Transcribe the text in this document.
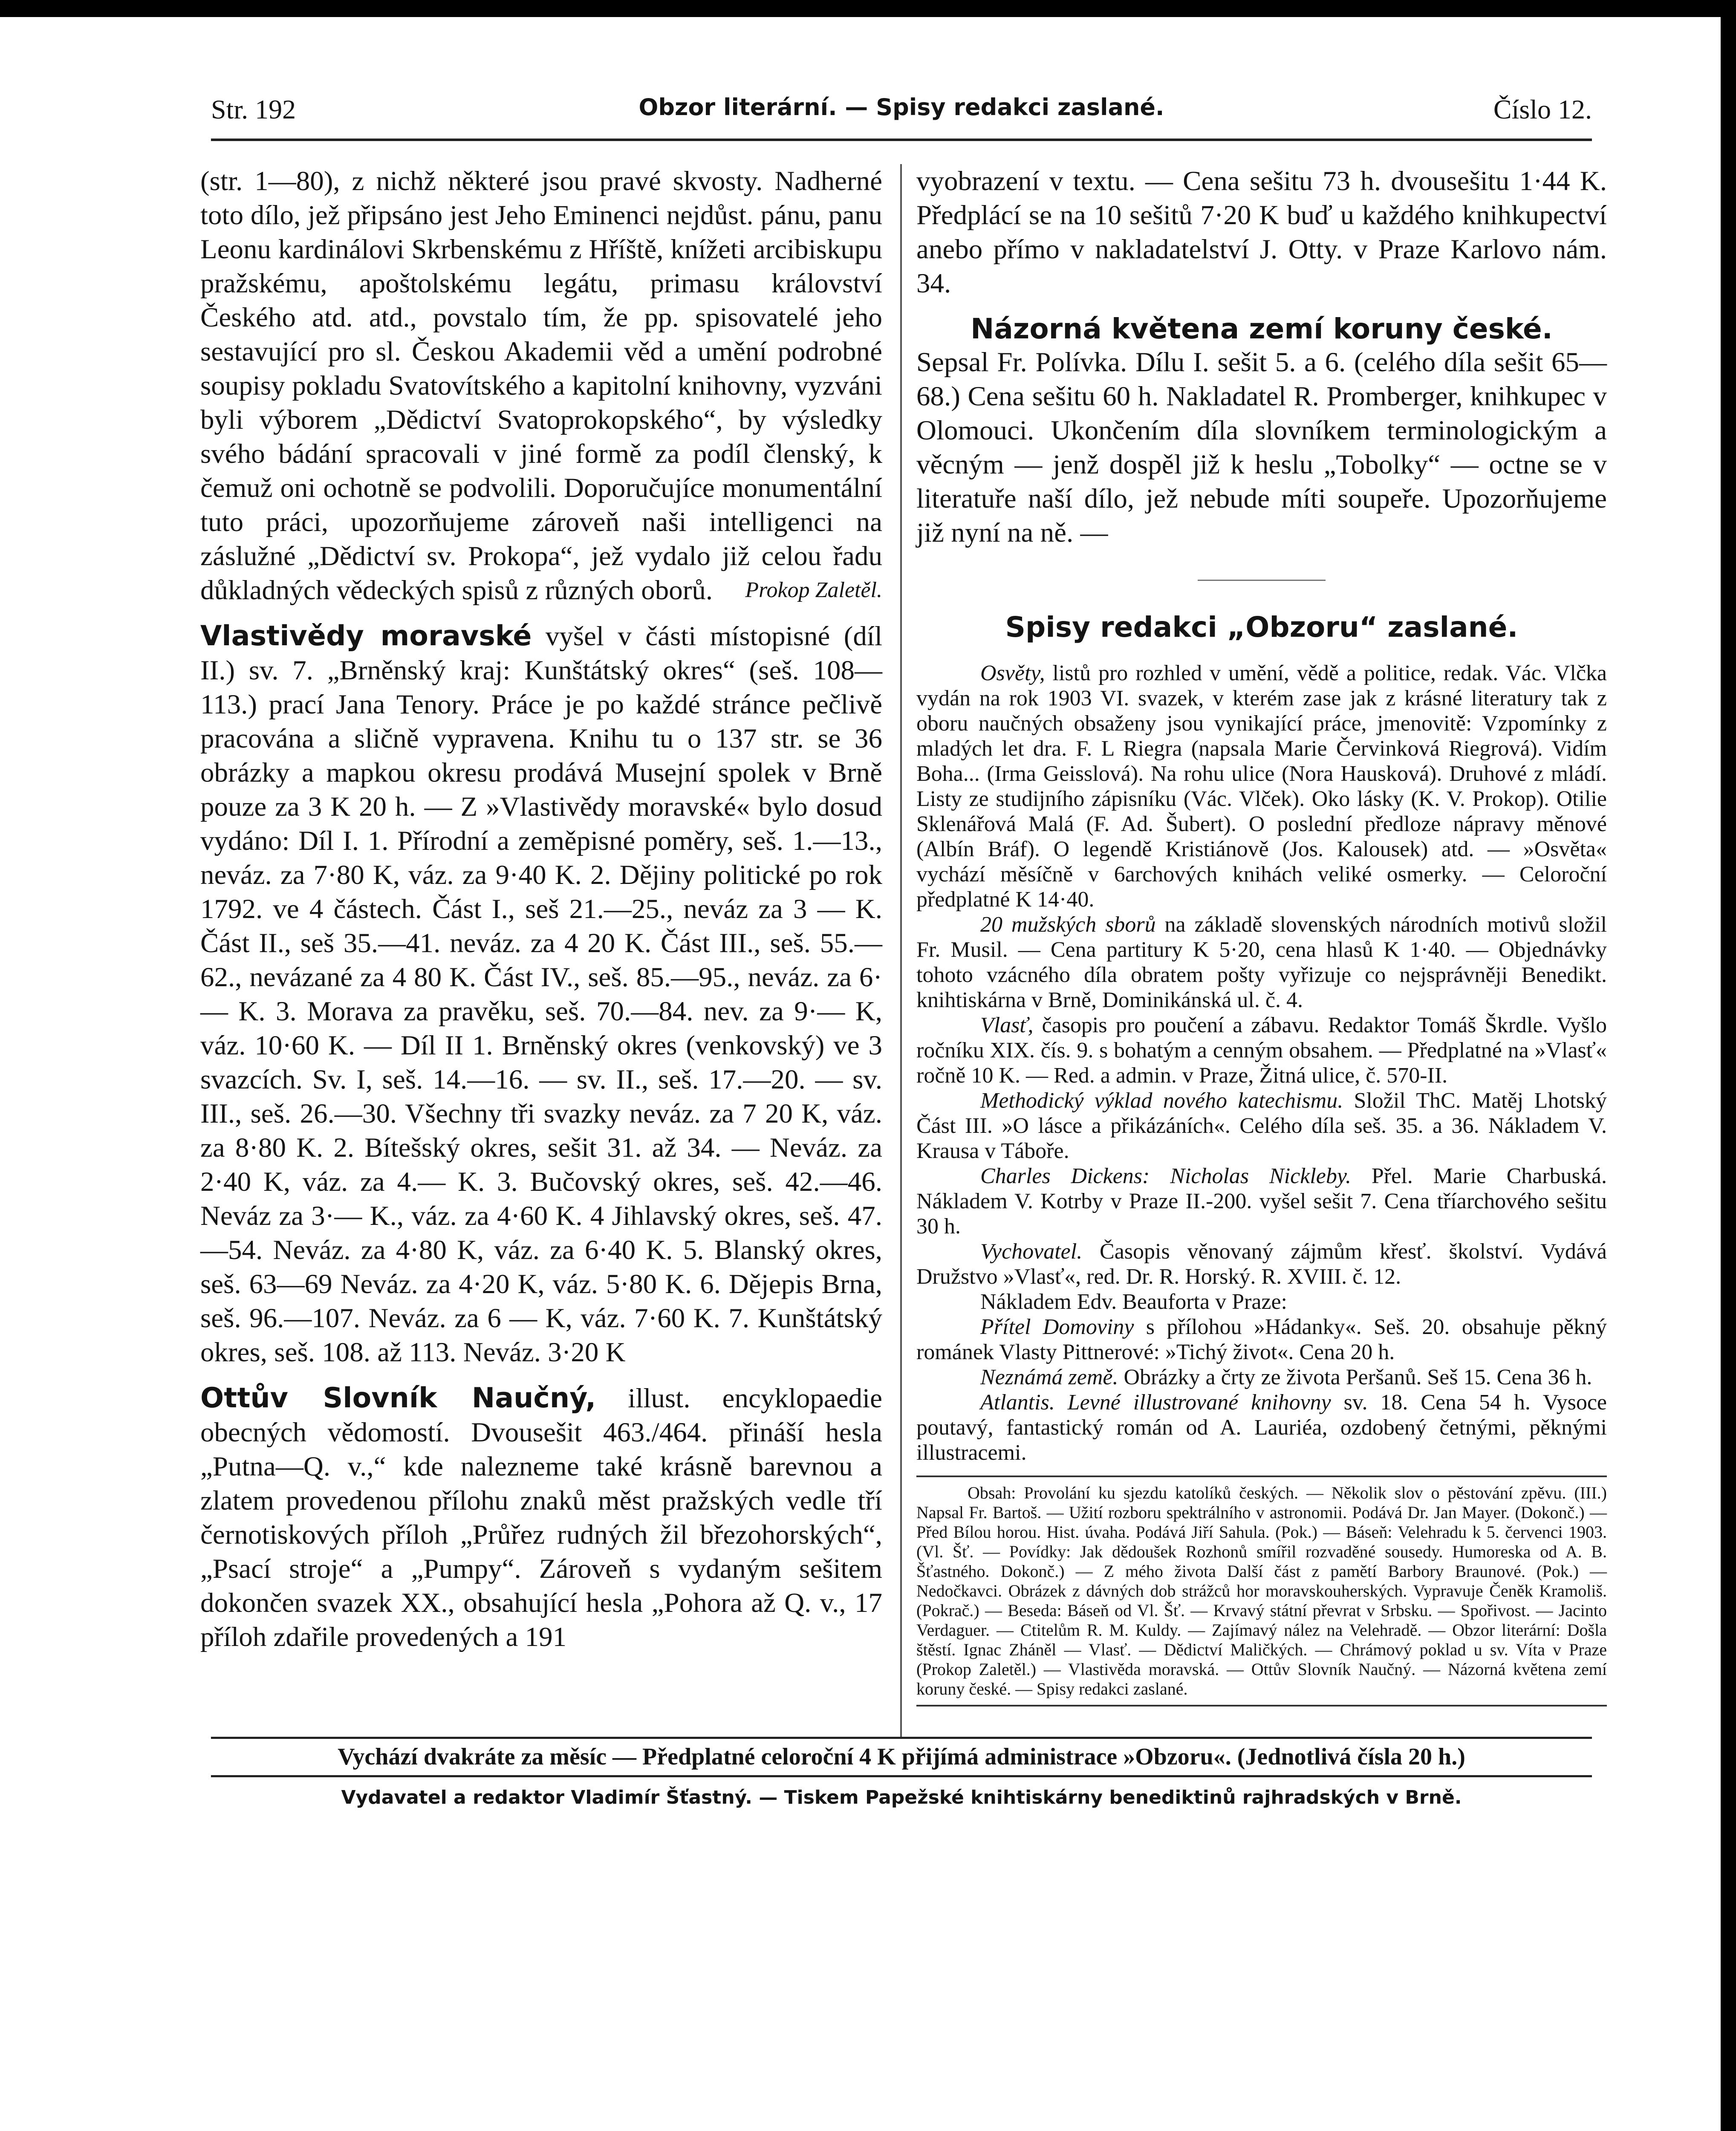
Str. 192	Obzor literární. — Spisy redakci zaslané.	Číslo 12.

(str. 1—80), z nichž některé jsou pravé skvosty. Nadherné toto dílo, jež připsáno jest Jeho Eminenci nejdůst. pánu, panu Leonu kardinálovi Skrbenskému z Hříště, knížeti arcibiskupu pražskému, apoštolskému legátu, primasu království Českého atd. atd., povstalo tím, že pp. spisovatelé jeho sestavující pro sl. Českou Akademii věd a umění podrobné soupisy pokladu Svatovítského a kapitolní knihovny, vyzváni byli výborem „Dědictví Svatoprokopského“, by výsledky svého bádání spracovali v jiné formě za podíl členský, k čemuž oni ochotně se podvolili. Doporučujíce monumentální tuto práci, upozorňujeme zároveň naši intelligenci na záslužné „Dědictví sv. Prokopa“, jež vydalo již celou řadu důkladných vědeckých spisů z různých oborů. Prokop Zaletěl.

Vlastivědy moravské vyšel v části místopisné (díl II.) sv. 7. „Brněnský kraj: Kunštátský okres“ (seš. 108—113.) prací Jana Tenory. Práce je po každé stránce pečlivě pracována a sličně vypravena. Knihu tu o 137 str. se 36 obrázky a mapkou okresu prodává Musejní spolek v Brně pouze za 3 K 20 h. — Z »Vlastivědy moravské« bylo dosud vydáno: Díl I. 1. Přírodní a zeměpisné poměry, seš. 1.—13., neváz. za 7·80 K, váz. za 9·40 K. 2. Dějiny politické po rok 1792. ve 4 částech. Část I., seš 21.—25., neváz za 3 — K. Část II., seš 35.—41. neváz. za 4 20 K. Část III., seš. 55.—62., nevázané za 4 80 K. Část IV., seš. 85.—95., neváz. za 6·— K. 3. Morava za pravěku, seš. 70.—84. nev. za 9·— K, váz. 10·60 K. — Díl II 1. Brněnský okres (venkovský) ve 3 svazcích. Sv. I, seš. 14.—16. — sv. II., seš. 17.—20. — sv. III., seš. 26.—30. Všechny tři svazky neváz. za 7 20 K, váz. za 8·80 K. 2. Bítešský okres, sešit 31. až 34. — Neváz. za 2·40 K, váz. za 4.— K. 3. Bučovský okres, seš. 42.—46. Neváz za 3·— K., váz. za 4·60 K. 4 Jihlavský okres, seš. 47.—54. Neváz. za 4·80 K, váz. za 6·40 K. 5. Blanský okres, seš. 63—69 Neváz. za 4·20 K, váz. 5·80 K. 6. Dějepis Brna, seš. 96.—107. Neváz. za 6 — K, váz. 7·60 K. 7. Kunštátský okres, seš. 108. až 113. Neváz. 3·20 K

Ottův Slovník Naučný, illust. encyklopaedie obecných vědomostí. Dvousešit 463./464. přináší hesla „Putna—Q. v.,“ kde nalezneme také krásně barevnou a zlatem provedenou přílohu znaků měst pražských vedle tří černotiskových příloh „Průřez rudných žil březohorských“, „Psací stroje“ a „Pumpy“. Zároveň s vydaným sešitem dokončen svazek XX., obsahující hesla „Pohora až Q. v., 17 příloh zdařile provedených a 191

vyobrazení v textu. — Cena sešitu 73 h. dvousešitu 1·44 K. Předplácí se na 10 sešitů 7·20 K buď u každého knihkupectví anebo přímo v nakladatelství J. Otty. v Praze Karlovo nám. 34.

Názorná květena zemí koruny české.

Sepsal Fr. Polívka. Dílu I. sešit 5. a 6. (celého díla sešit 65—68.) Cena sešitu 60 h. Nakladatel R. Promberger, knihkupec v Olomouci. Ukončením díla slovníkem terminologickým a věcným — jenž dospěl již k heslu „Tobolky“ — octne se v literatuře naší dílo, jež nebude míti soupeře. Upozorňujeme již nyní na ně. —

Spisy redakci „Obzoru“ zaslané.

Osvěty, listů pro rozhled v umění, vědě a politice, redak. Vác. Vlčka vydán na rok 1903 VI. svazek, v kterém zase jak z krásné literatury tak z oboru naučných obsaženy jsou vynikající práce, jmenovitě: Vzpomínky z mladých let dra. F. L Riegra (napsala Marie Červinková Riegrová). Vidím Boha... (Irma Geisslová). Na rohu ulice (Nora Hausková). Druhové z mládí. Listy ze studijního zápisníku (Vác. Vlček). Oko lásky (K. V. Prokop). Otilie Sklenářová Malá (F. Ad. Šubert). O poslední předloze nápravy měnové (Albín Bráf). O legendě Kristiánově (Jos. Kalousek) atd. — »Osvěta« vychází měsíčně v 6archových knihách veliké osmerky. — Celoroční předplatné K 14·40.

20 mužských sborů na základě slovenských národních motivů složil Fr. Musil. — Cena partitury K 5·20, cena hlasů K 1·40. — Objednávky tohoto vzácného díla obratem pošty vyřizuje co nejsprávněji Benedikt. knihtiskárna v Brně, Dominikánská ul. č. 4.

Vlasť, časopis pro poučení a zábavu. Redaktor Tomáš Škrdle. Vyšlo ročníku XIX. čís. 9. s bohatým a cenným obsahem. — Předplatné na »Vlasť« ročně 10 K. — Red. a admin. v Praze, Žitná ulice, č. 570-II.

Methodický výklad nového katechismu. Složil ThC. Matěj Lhotský Část III. »O lásce a přikázáních«. Celého díla seš. 35. a 36. Nákladem V. Krausa v Táboře.

Charles Dickens: Nicholas Nickleby. Přel. Marie Charbuská. Nákladem V. Kotrby v Praze II.-200. vyšel sešit 7. Cena tříarchového sešitu 30 h.

Vychovatel. Časopis věnovaný zájmům křesť. školství. Vydává Družstvo »Vlasť«, red. Dr. R. Horský. R. XVIII. č. 12.

Nákladem Edv. Beauforta v Praze:

Přítel Domoviny s přílohou »Hádanky«. Seš. 20. obsahuje pěkný románek Vlasty Pittnerové: »Tichý život«. Cena 20 h.

Neznámá země. Obrázky a črty ze života Peršanů. Seš 15. Cena 36 h.

Atlantis. Levné illustrované knihovny sv. 18. Cena 54 h. Vysoce poutavý, fantastický román od A. Lauriéa, ozdobený četnými, pěknými illustracemi.

Obsah: Provolání ku sjezdu katolíků českých. — Několik slov o pěstování zpěvu. (III.) Napsal Fr. Bartoš. — Užití rozboru spektrálního v astronomii. Podává Dr. Jan Mayer. (Dokonč.) — Před Bílou horou. Hist. úvaha. Podává Jiří Sahula. (Pok.) — Báseň: Velehradu k 5. červenci 1903. (Vl. Šť. — Povídky: Jak dědoušek Rozhonů smířil rozvaděné sousedy. Humoreska od A. B. Šťastného. Dokonč.) — Z mého života Další část z pamětí Barbory Braunové. (Pok.) — Nedočkavci. Obrázek z dávných dob strážců hor moravskouherských. Vypravuje Čeněk Kramoliš. (Pokrač.) — Beseda: Báseň od Vl. Šť. — Krvavý státní převrat v Srbsku. — Spořivost. — Jacinto Verdaguer. — Ctitelům R. M. Kuldy. — Zajímavý nález na Velehradě. — Obzor literární: Došla štěstí. Ignac Zháněl — Vlasť. — Dědictví Maličkých. — Chrámový poklad u sv. Víta v Praze (Prokop Zaletěl.) — Vlastivěda moravská. — Ottův Slovník Naučný. — Názorná květena zemí koruny české. — Spisy redakci zaslané.

Vychází dvakráte za měsíc — Předplatné celoroční 4 K přijímá administrace »Obzoru«. (Jednotlivá čísla 20 h.)
Vydavatel a redaktor Vladimír Šťastný. — Tiskem Papežské knihtiskárny benediktinů rajhradských v Brně.
